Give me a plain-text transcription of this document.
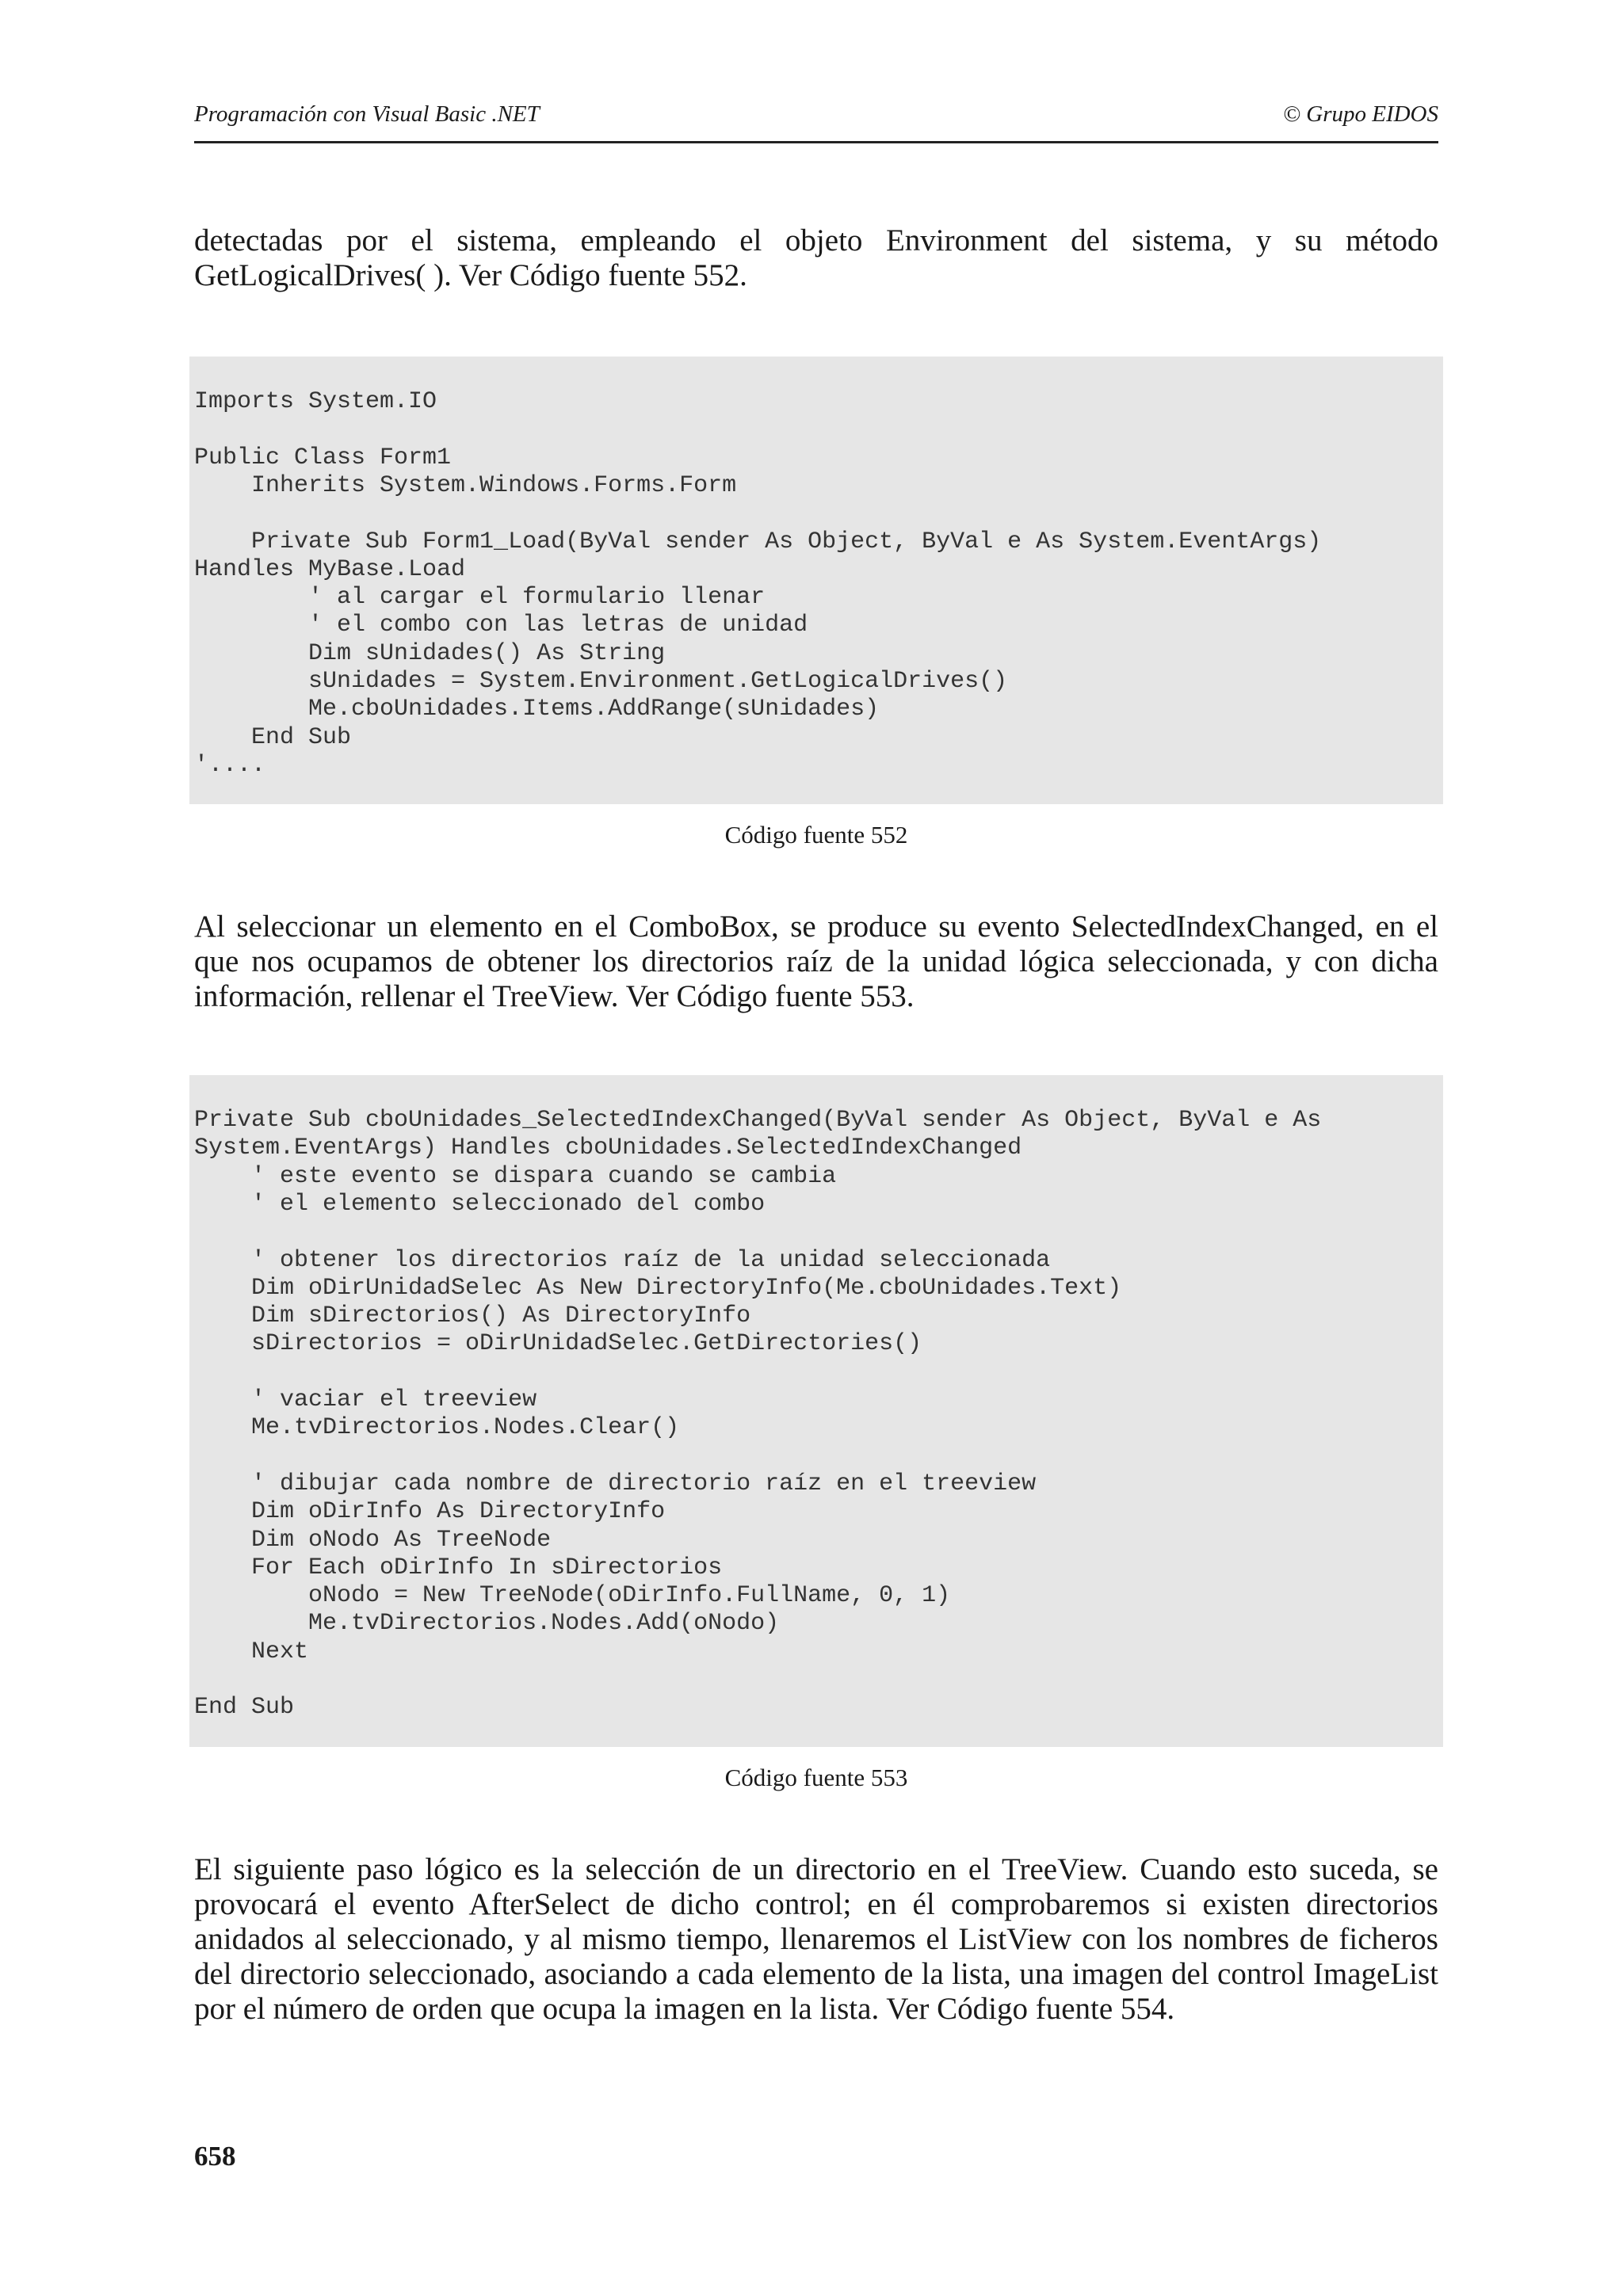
Programación con Visual Basic .NET	© Grupo EIDOS

detectadas por el sistema, empleando el objeto Environment del sistema, y su método GetLogicalDrives( ). Ver Código fuente 552.

Imports System.IO
Public Class Form1
Inherits System.Windows.Forms.Form
Private Sub Form1_Load(ByVal sender As Object, ByVal e As System.EventArgs)
Handles MyBase.Load
' al cargar el formulario llenar
' el combo con las letras de unidad
Dim sUnidades() As String
sUnidades = System.Environment.GetLogicalDrives()
Me.cboUnidades.Items.AddRange(sUnidades)
End Sub
'....
Código fuente 552

Al seleccionar un elemento en el ComboBox, se produce su evento SelectedIndexChanged, en el que nos ocupamos de obtener los directorios raíz de la unidad lógica seleccionada, y con dicha información, rellenar el TreeView. Ver Código fuente 553.

Private Sub cboUnidades_SelectedIndexChanged(ByVal sender As Object, ByVal e As
System.EventArgs) Handles cboUnidades.SelectedIndexChanged
' este evento se dispara cuando se cambia
' el elemento seleccionado del combo
' obtener los directorios raíz de la unidad seleccionada
Dim oDirUnidadSelec As New DirectoryInfo(Me.cboUnidades.Text)
Dim sDirectorios() As DirectoryInfo
sDirectorios = oDirUnidadSelec.GetDirectories()
' vaciar el treeview
Me.tvDirectorios.Nodes.Clear()
' dibujar cada nombre de directorio raíz en el treeview
Dim oDirInfo As DirectoryInfo
Dim oNodo As TreeNode
For Each oDirInfo In sDirectorios
oNodo = New TreeNode(oDirInfo.FullName, 0, 1)
Me.tvDirectorios.Nodes.Add(oNodo)
Next
End Sub
Código fuente 553

El siguiente paso lógico es la selección de un directorio en el TreeView. Cuando esto suceda, se provocará el evento AfterSelect de dicho control; en él comprobaremos si existen directorios anidados al seleccionado, y al mismo tiempo, llenaremos el ListView con los nombres de ficheros del directorio seleccionado, asociando a cada elemento de la lista, una imagen del control ImageList por el número de orden que ocupa la imagen en la lista. Ver Código fuente 554.

658
